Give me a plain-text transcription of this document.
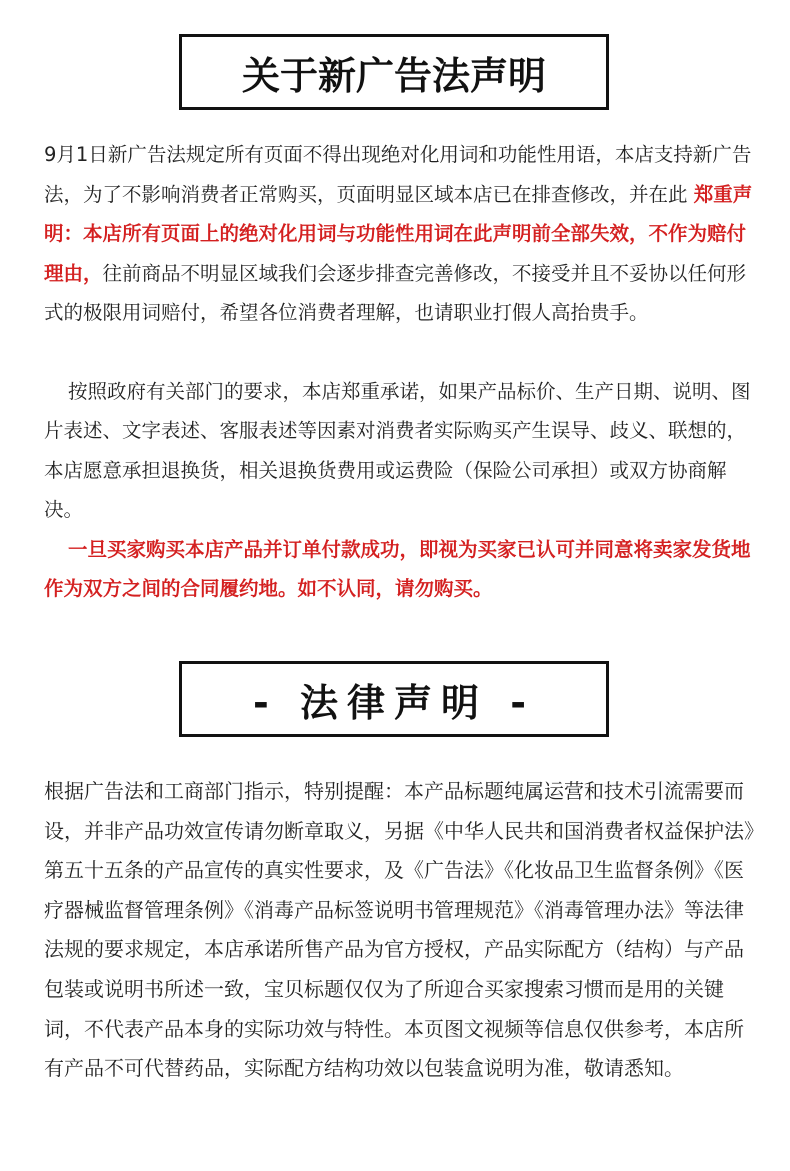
关于新广告法声明

9月1日新广告法规定所有页面不得出现绝对化用词和功能性用语，本店支持新广告法，为了不影响消费者正常购买，页面明显区域本店已在排查修改，并在此 郑重声明：本店所有页面上的绝对化用词与功能性用词在此声明前全部失效，不作为赔付理由，往前商品不明显区域我们会逐步排查完善修改，不接受并且不妥协以任何形式的极限用词赔付，希望各位消费者理解，也请职业打假人高抬贵手。

按照政府有关部门的要求，本店郑重承诺，如果产品标价、生产日期、说明、图片表述、文字表述、客服表述等因素对消费者实际购买产生误导、歧义、联想的，本店愿意承担退换货，相关退换货费用或运费险（保险公司承担）或双方协商解决。

一旦买家购买本店产品并订单付款成功，即视为买家已认可并同意将卖家发货地作为双方之间的合同履约地。如不认同，请勿购买。

- 法律声明 -

根据广告法和工商部门指示，特别提醒：本产品标题纯属运营和技术引流需要而设，并非产品功效宣传请勿断章取义，另据《中华人民共和国消费者权益保护法》第五十五条的产品宣传的真实性要求，及《广告法》《化妆品卫生监督条例》《医疗器械监督管理条例》《消毒产品标签说明书管理规范》《消毒管理办法》等法律法规的要求规定，本店承诺所售产品为官方授权，产品实际配方（结构）与产品包装或说明书所述一致，宝贝标题仅仅为了所迎合买家搜索习惯而是用的关键词，不代表产品本身的实际功效与特性。本页图文视频等信息仅供参考，本店所有产品不可代替药品，实际配方结构功效以包装盒说明为准，敬请悉知。
